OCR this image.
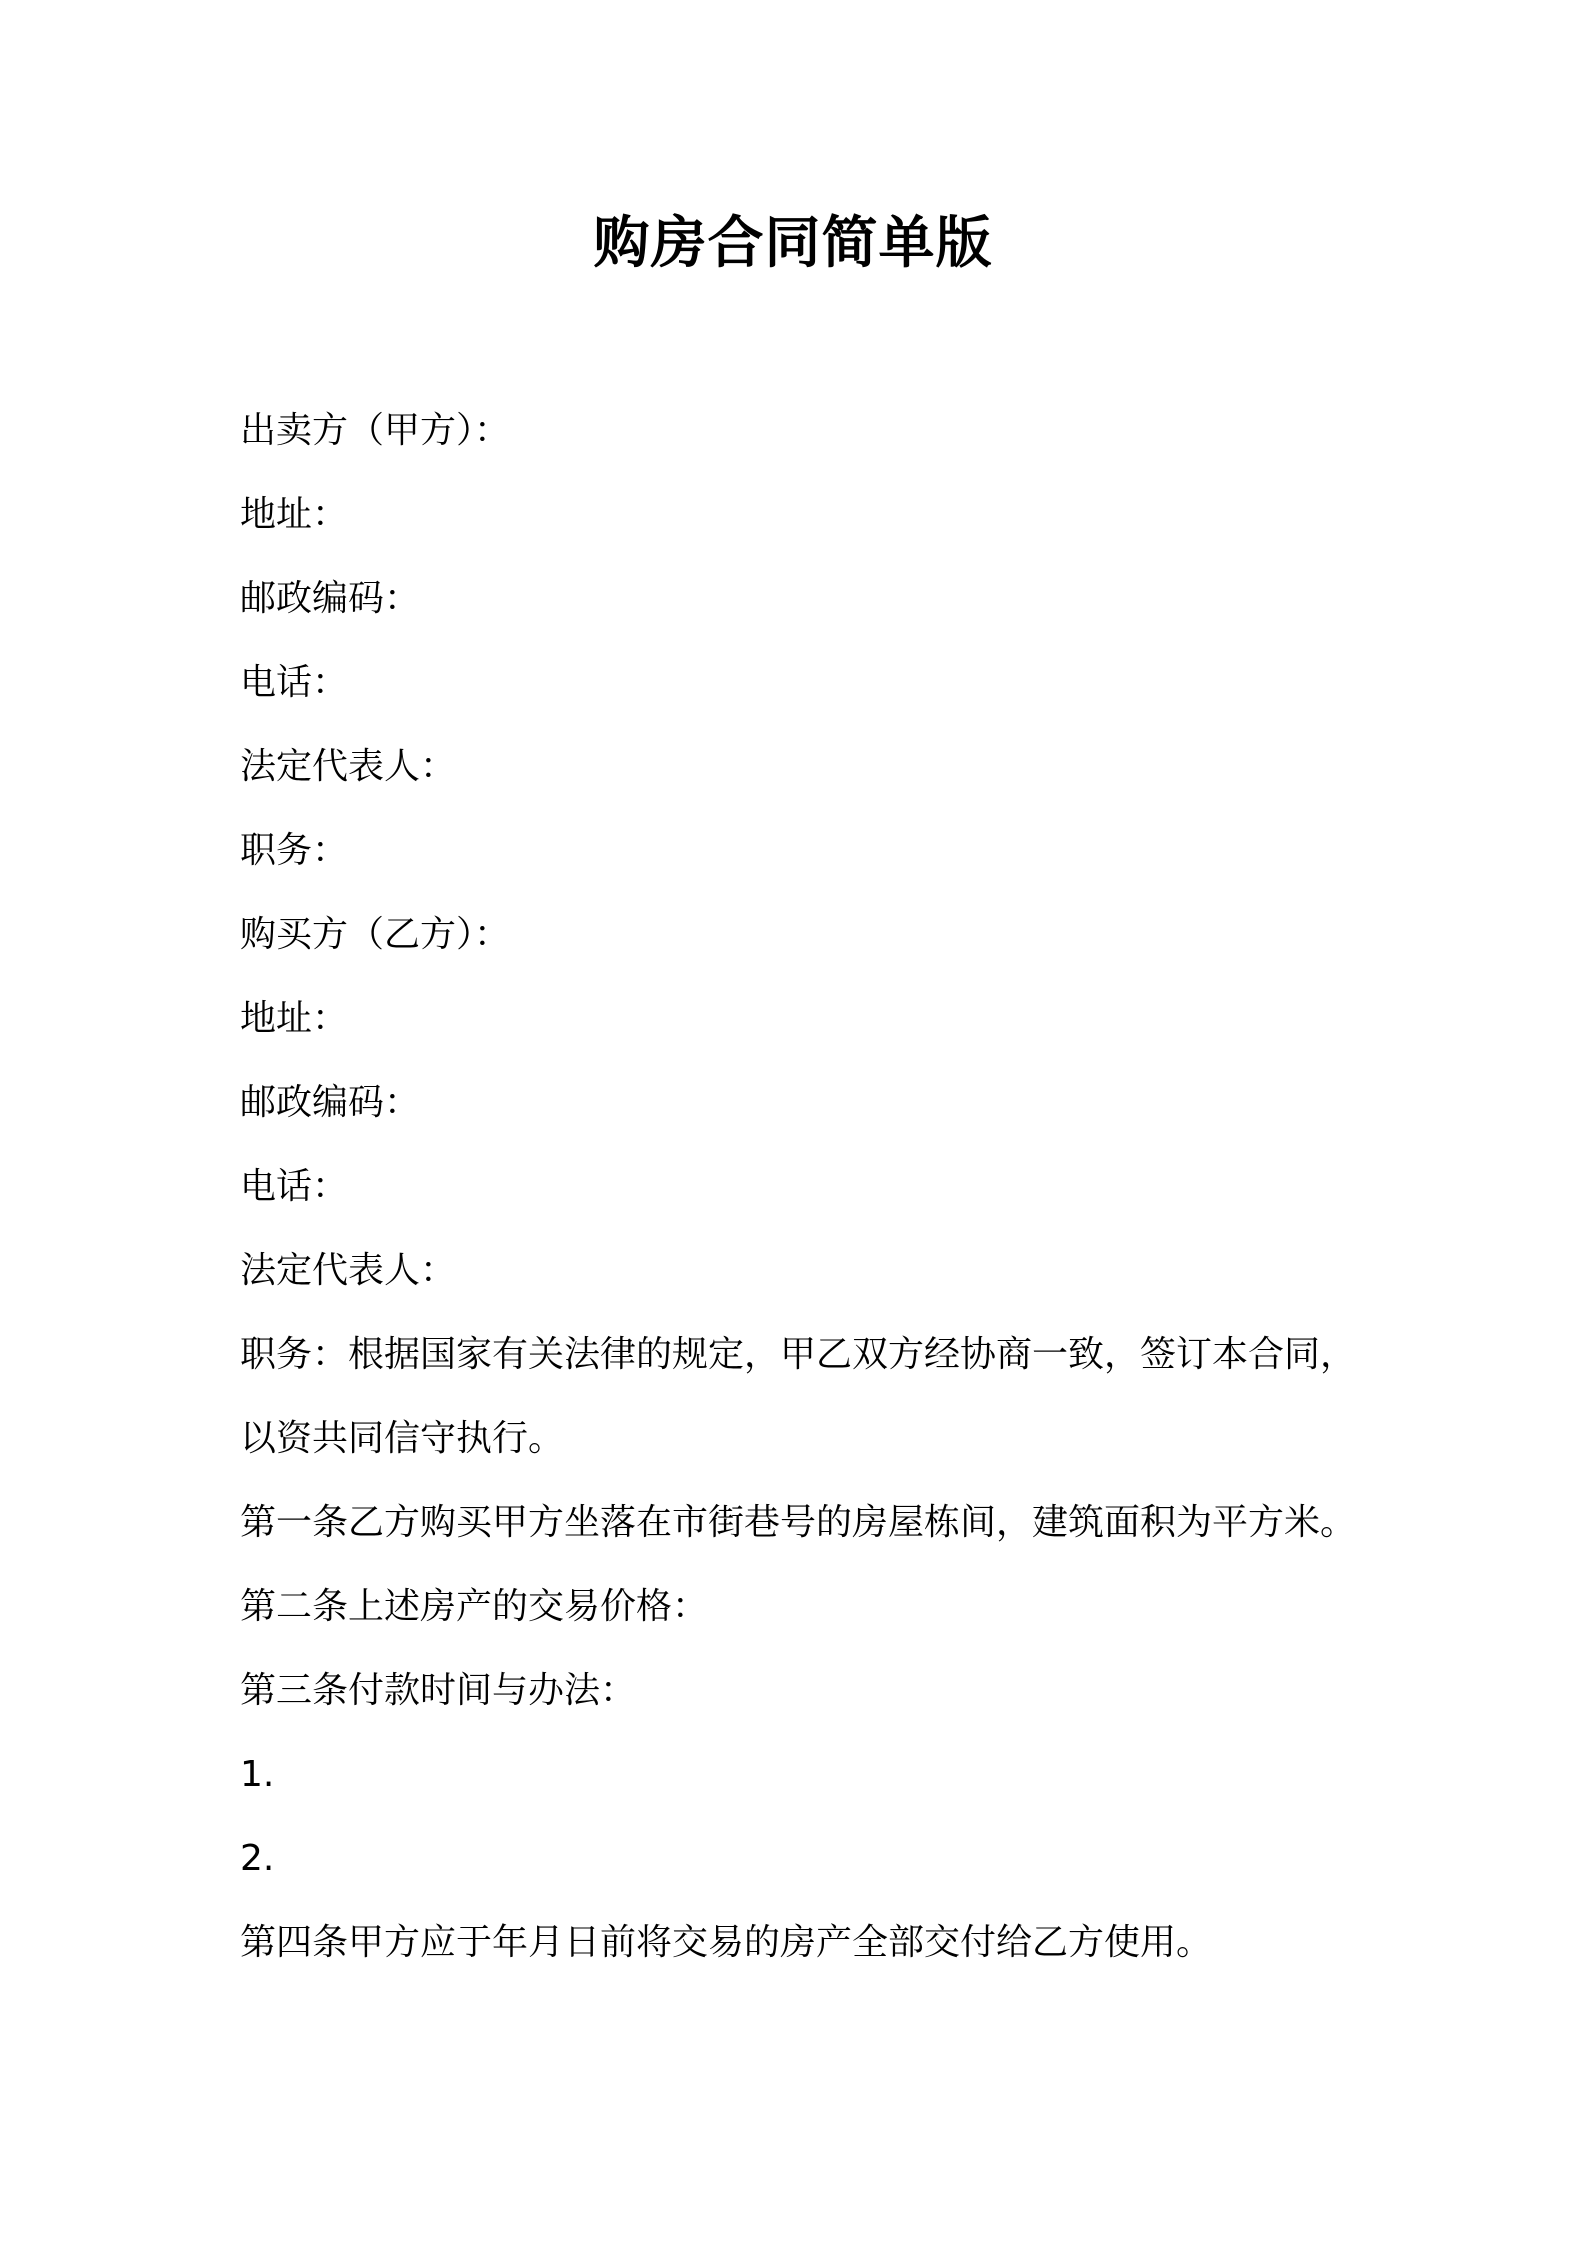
购房合同简单版
出卖方（甲方）：
地址：
邮政编码：
电话：
法定代表人：
职务：
购买方（乙方）：
地址：
邮政编码：
电话：
法定代表人：
职务：根据国家有关法律的规定，甲乙双方经协商一致，签订本合同，
以资共同信守执行。
第一条乙方购买甲方坐落在市街巷号的房屋栋间，建筑面积为平方米。
第二条上述房产的交易价格：
第三条付款时间与办法：
1.
2.
第四条甲方应于年月日前将交易的房产全部交付给乙方使用。
